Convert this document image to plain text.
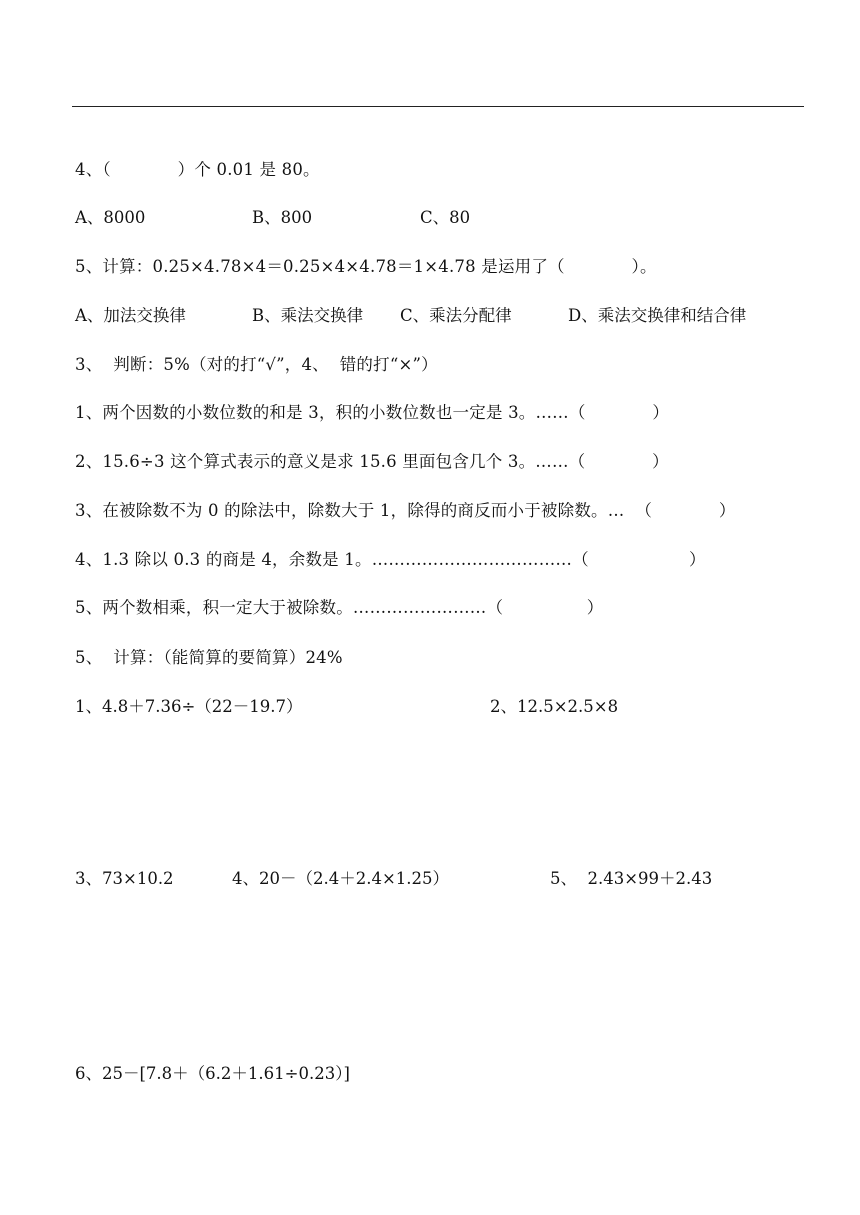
4、（　　　　）个 0.01 是 80。
A、8000	B、800	C、80
5、计算：0.25×4.78×4＝0.25×4×4.78＝1×4.78 是运用了（　　　　）。
A、加法交换律	B、乘法交换律 C、乘法分配律	D、乘法交换律和结合律
3、  判断：5%（对的打“√”，4、  错的打“×”）
1、两个因数的小数位数的和是 3，积的小数位数也一定是 3。……（　　　　）
2、15.6÷3 这个算式表示的意义是求 15.6 里面包含几个 3。……（　　　　）
3、在被除数不为 0 的除法中，除数大于 1，除得的商反而小于被除数。…  （　　　　）
4、1.3 除以 0.3 的商是 4，余数是 1。………………………………（　　　　　　）
5、两个数相乘，积一定大于被除数。……………………（　　　　　）
5、  计算：（能简算的要简算）24%
1、4.8＋7.36÷（22－19.7）	2、12.5×2.5×8
3、73×10.2	4、20－（2.4＋2.4×1.25）	5、  2.43×99＋2.43
6、25－[7.8＋（6.2＋1.61÷0.23）]
